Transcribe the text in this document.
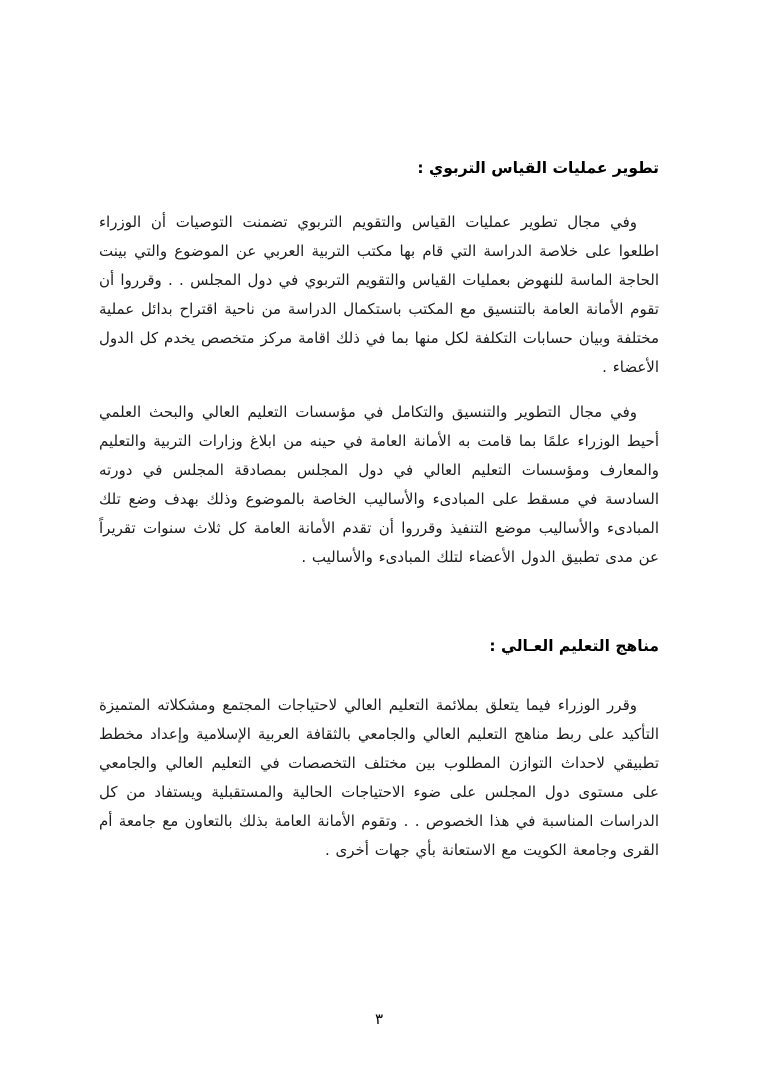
تطوير عمليات القياس التربوي :

وفي مجال تطوير عمليات القياس والتقويم التربوي تضمنت التوصيات أن الوزراء اطلعوا على خلاصة الدراسة التي قام بها مكتب التربية العربي عن الموضوع والتي بينت الحاجة الماسة للنهوض بعمليات القياس والتقويم التربوي في دول المجلس . . وقرروا أن تقوم الأمانة العامة بالتنسيق مع المكتب باستكمال الدراسة من ناحية اقتراح بدائل عملية مختلفة وبيان حسابات التكلفة لكل منها بما في ذلك اقامة مركز متخصص يخدم كل الدول الأعضاء .

وفي مجال التطوير والتنسيق والتكامل في مؤسسات التعليم العالي والبحث العلمي أحيط الوزراء علمًا بما قامت به الأمانة العامة في حينه من ابلاغ وزارات التربية والتعليم والمعارف ومؤسسات التعليم العالي في دول المجلس بمصادقة المجلس في دورته السادسة في مسقط على المبادىء والأساليب الخاصة بالموضوع وذلك بهدف وضع تلك المبادىء والأساليب موضع التنفيذ وقرروا أن تقدم الأمانة العامة كل ثلاث سنوات تقريراً عن مدى تطبيق الدول الأعضاء لتلك المبادىء والأساليب .

مناهج التعليم العـالي :

وقرر الوزراء فيما يتعلق بملائمة التعليم العالي لاحتياجات المجتمع ومشكلاته المتميزة التأكيد على ربط مناهج التعليم العالي والجامعي بالثقافة العربية الإسلامية وإعداد مخطط تطبيقي لاحداث التوازن المطلوب بين مختلف التخصصات في التعليم العالي والجامعي على مستوى دول المجلس على ضوء الاحتياجات الحالية والمستقبلية ويستفاد من كل الدراسات المناسبة في هذا الخصوص . . وتقوم الأمانة العامة بذلك بالتعاون مع جامعة أم القرى وجامعة الكويت مع الاستعانة بأي جهات أخرى .

٣
